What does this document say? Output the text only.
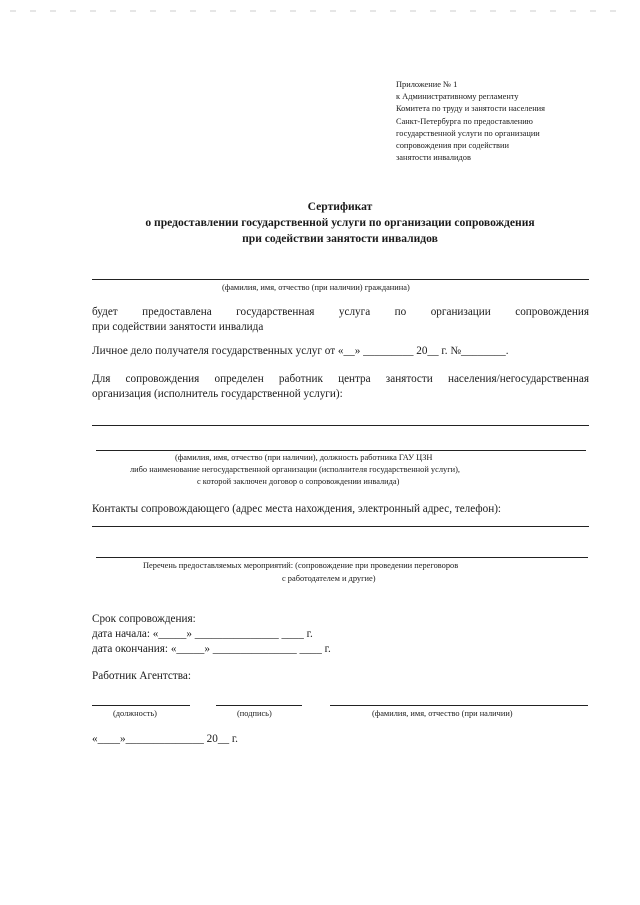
Приложение № 1
к Административному регламенту
Комитета по труду и занятости населения
Санкт-Петербурга по предоставлению
государственной услуги по организации
сопровождения при содействии
занятости инвалидов
Сертификат
о предоставлении государственной услуги по организации сопровождения
при содействии занятости инвалидов
(фамилия, имя, отчество (при наличии) гражданина)
будет предоставлена государственная услуга по организации сопровождения
при содействии занятости инвалида
Личное дело получателя государственных услуг от «__» _________ 20__ г. №________.
Для сопровождения определен работник центра занятости населения/негосударственная
организация (исполнитель государственной услуги):
(фамилия, имя, отчество (при наличии), должность работника ГАУ ЦЗН
либо наименование негосударственной организации (исполнителя государственной услуги),
с которой заключен договор о сопровождении инвалида)
Контакты сопровождающего (адрес места нахождения, электронный адрес, телефон):
Перечень предоставляемых мероприятий: (сопровождение при проведении переговоров
с работодателем и другие)
Срок сопровождения:
дата начала: «_____» _______________ ____ г.
дата окончания: «_____» _______________ ____ г.
Работник Агентства:
(должность)	(подпись)	(фамилия, имя, отчество (при наличии)
«____»______________ 20__ г.
